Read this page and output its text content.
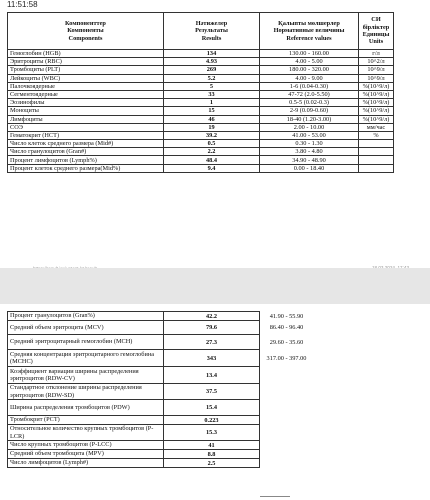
11:51:58
Компоненттер
Компоненты
Components	Нәтижелер
Результаты
Results	Қалыпты мөлшерлер
Нормативные величины
Reference values	СИ бірліктер
Единицы
Units
Гемоглобин (HGB)	134	130.00 - 160.00	г/л
Эритроциты (RBC)	4.93	4.00 - 5.00	10^2/л
Тромбоциты (PLT)	269	180.00 - 320.00	10^9/л
Лейкоциты (WBC)	5.2	4.00 - 9.00	10^9/л
Палочкоядерные	5	1-6 (0.04-0.30)	%(10^9/л)
Сегментоядерные	33	47-72 (2.0-5.50)	%(10^9/л)
Эозинофилы	1	0.5-5 (0.02-0.3)	%(10^9/л)
Моноциты	15	2-9 (0.09-0.60)	%(10^9/л)
Лимфоциты	46	18-40 (1.20-3.00)	%(10^9/л)
СОЭ	19	2.00 - 10.00	мм/час
Гематокрит (HCT)	39.2	41.00 - 53.00	%
Число клеток среднего размера (Mid#)	0.5	0.30 - 1.30	
Число гранулоцитов (Gran#)	2.2	3.80 - 4.80	
Процент лимфоцитов (Lymph%)	48.4	34.90 - 48.90	
Процент клеток среднего размера(Mid%)	9.4	0.00 - 18.40	
Процент гранулоцитов (Gran%)	42.2	41.90 - 55.90
Средний объем эритроцита (MCV)	79.6	86.40 - 96.40
Средний эритроцитарный гемоглобин (MCH)	27.3	29.60 - 35.60
Средняя концентрация эритроцитарного гемоглобина (MCHC)	343	317.00 - 397.00
Коэффициент вариации ширины распределения эритроцитов (RDW-CV)	13.4	
Стандартное отклонение ширины распределения эритроцитов (RDW-SD)	37.5	
Ширина распределения тромбоцитов (PDW)	15.4	
Тромбокрит (PCT)	0.223	
Относительное количество крупных тромбоцитов (P-LCR)	15.3	
Число крупных тромбоцитов (P-LCC)	41	
Средний объем тромбоцита (MPV)	8.8	
Число лимфоцитов (Lymph#)	2.5	
